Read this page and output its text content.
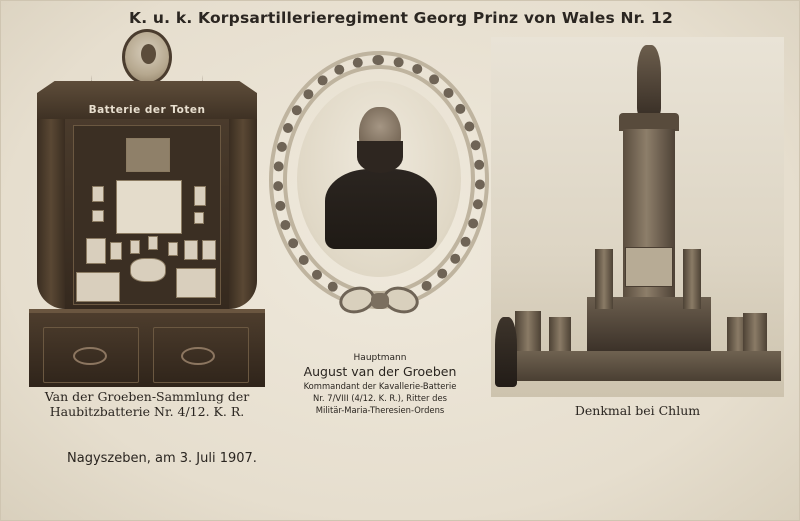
K. u. k. Korpsartillerieregiment Georg Prinz von Wales Nr. 12
Batterie der Toten
Van der Groeben-Sammlung der
Haubitzbatterie Nr. 4/12. K. R.
Nagyszeben, am 3. Juli 1907.
Hauptmann
August van der Groeben
Kommandant der Kavallerie-Batterie
Nr. 7/VIII (4/12. K. R.), Ritter des
Militär-Maria-Theresien-Ordens	Denkmal bei Chlum
